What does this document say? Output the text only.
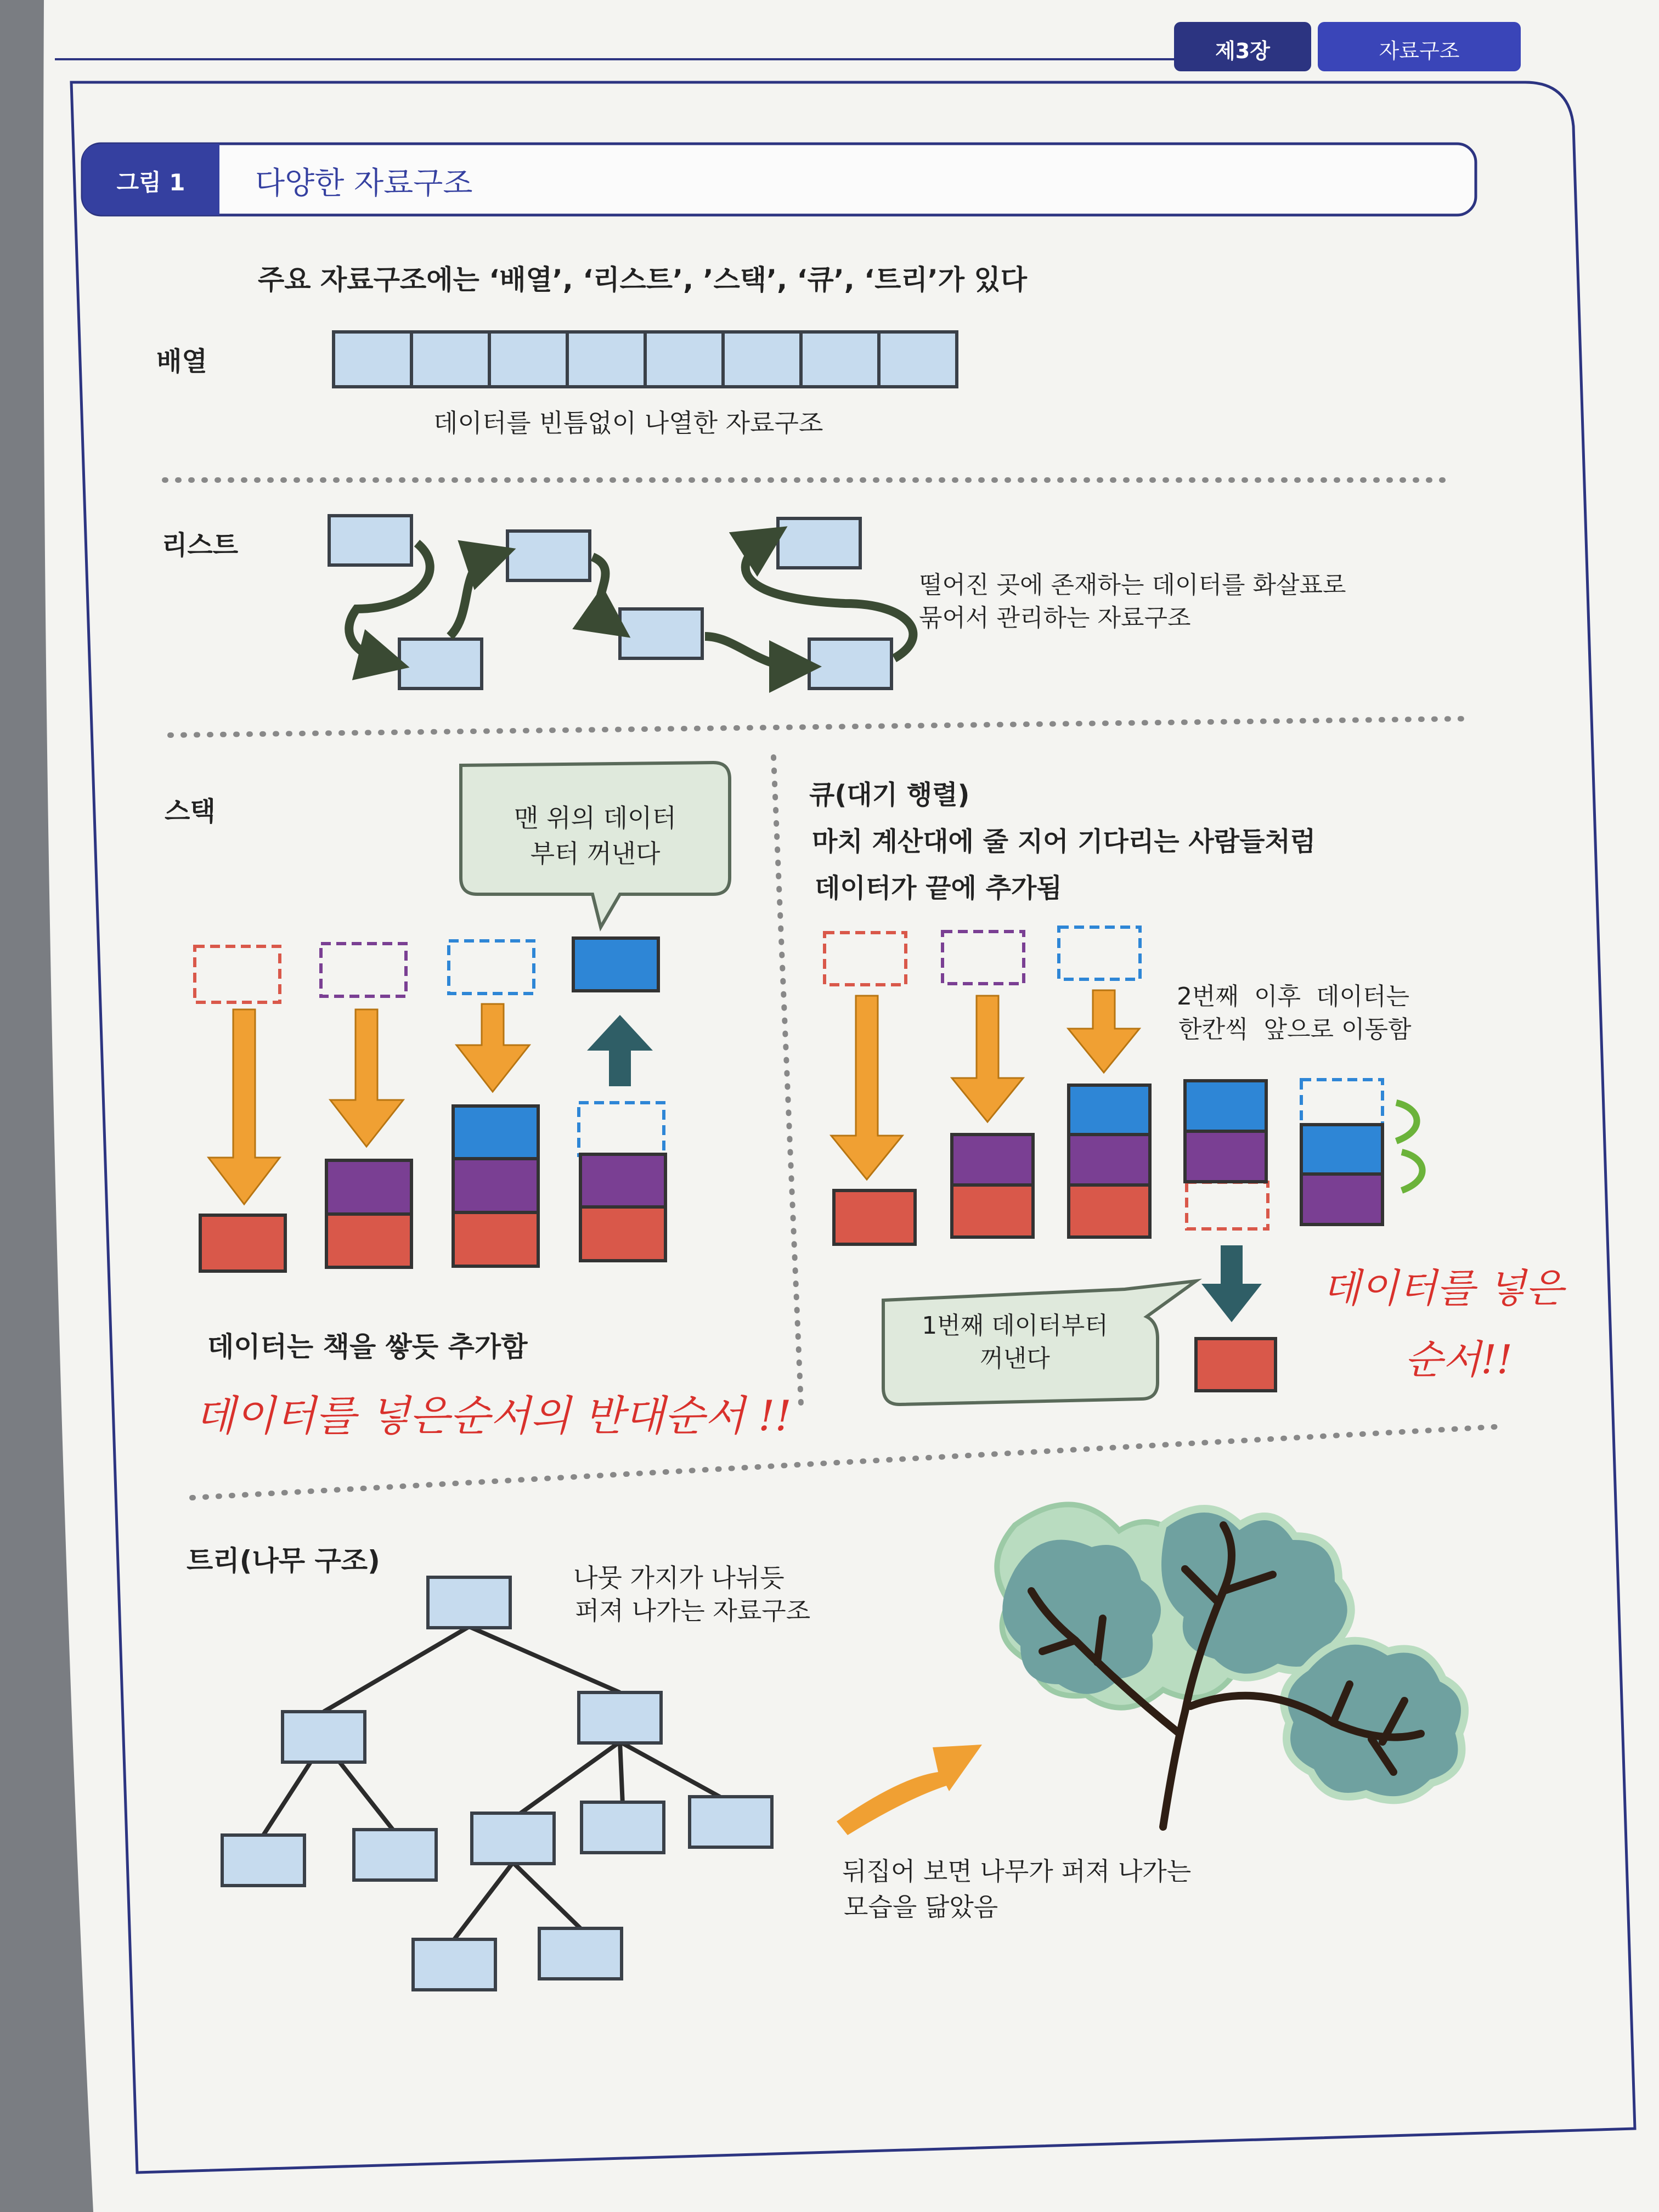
제3장	자료구조
그림 1	다양한 자료구조
주요 자료구조에는 ‘배열’, ‘리스트’, ’스택’, ‘큐’, ‘트리’가 있다
배열
데이터를 빈틈없이 나열한 자료구조
리스트
떨어진 곳에 존재하는 데이터를 화살표로
묶어서 관리하는 자료구조
스택	맨 위의 데이터
부터 꺼낸다
데이터는 책을 쌓듯 추가함
데이터를 넣은순서의 반대순서 !!
큐(대기 행렬)
마치 계산대에 줄 지어 기다리는 사람들처럼
데이터가 끝에 추가됨
2번째  이후  데이터는
한칸씩  앞으로 이동함
1번째 데이터부터
꺼낸다
데이터를 넣은
순서!!
트리(나무 구조)
나뭇 가지가 나뉘듯
퍼져 나가는 자료구조
뒤집어 보면 나무가 퍼져 나가는
모습을 닮았음
